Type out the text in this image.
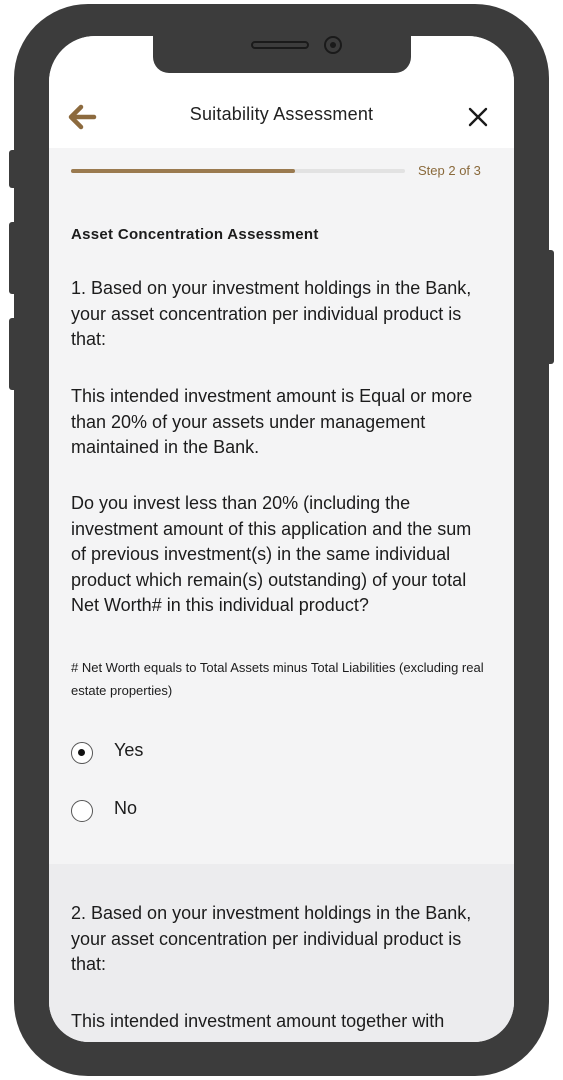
Suitability Assessment
Step 2 of 3
Asset Concentration Assessment
1. Based on your investment holdings in the Bank, your asset concentration per individual product is that:
This intended investment amount is Equal or more than 20% of your assets under management maintained in the Bank.
Do you invest less than 20% (including the investment amount of this application and the sum of previous investment(s) in the same individual product which remain(s) outstanding) of your total Net Worth# in this individual product?
# Net Worth equals to Total Assets minus Total Liabilities (excluding real estate properties)
Yes
No
2. Based on your investment holdings in the Bank, your asset concentration per individual product is that:
This intended investment amount together with
